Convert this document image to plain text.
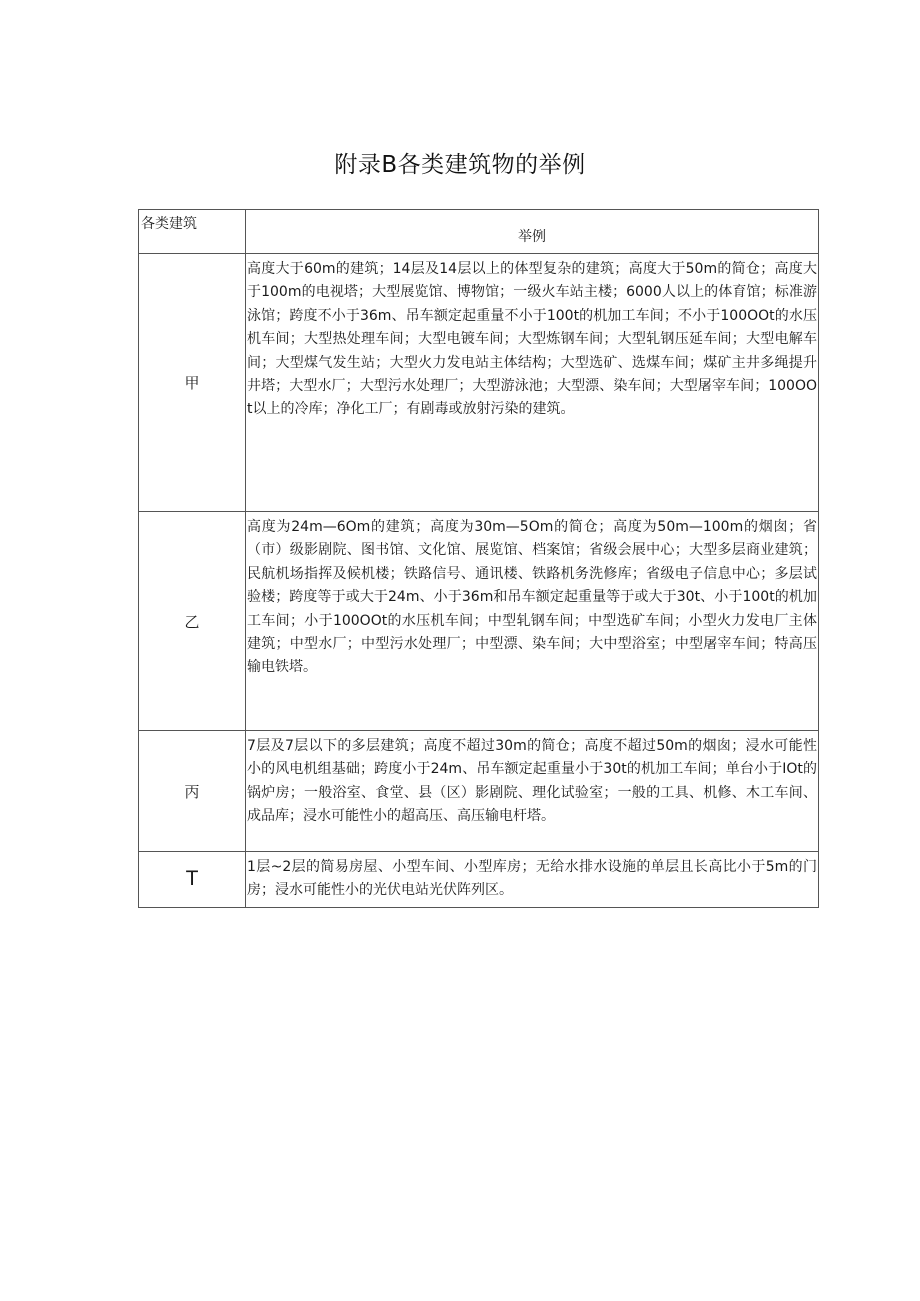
附录B各类建筑物的举例
各类建筑	举例
甲	高度大于60m的建筑；14层及14层以上的体型复杂的建筑；高度大于50m的简仓；高度大于100m的电视塔；大型展览馆、博物馆；一级火车站主楼；6000人以上的体育馆；标准游泳馆；跨度不小于36m、吊车额定起重量不小于100t的机加工车间；不小于100OOt的水压机车间；大型热处理车间；大型电镀车间；大型炼钢车间；大型轧钢压延车间；大型电解车间；大型煤气发生站；大型火力发电站主体结构；大型选矿、选煤车间；煤矿主井多绳提升井塔；大型水厂；大型污水处理厂；大型游泳池；大型漂、染车间；大型屠宰车间；100OOt以上的冷库；净化工厂；有剧毒或放射污染的建筑。
乙	高度为24m—6Om的建筑；高度为30m—5Om的简仓；高度为50m—100m的烟囱；省（市）级影剧院、图书馆、文化馆、展览馆、档案馆；省级会展中心；大型多层商业建筑；民航机场指挥及候机楼；铁路信号、通讯楼、铁路机务洗修库；省级电子信息中心；多层试验楼；跨度等于或大于24m、小于36m和吊车额定起重量等于或大于30t、小于100t的机加工车间；小于100OOt的水压机车间；中型轧钢车间；中型选矿车间；小型火力发电厂主体建筑；中型水厂；中型污水处理厂；中型漂、染车间；大中型浴室；中型屠宰车间；特高压输电铁塔。
丙	7层及7层以下的多层建筑；高度不超过30m的简仓；高度不超过50m的烟囱；浸水可能性小的风电机组基础；跨度小于24m、吊车额定起重量小于30t的机加工车间；单台小于IOt的锅炉房；一般浴室、食堂、县（区）影剧院、理化试验室；一般的工具、机修、木工车间、成品库；浸水可能性小的超高压、高压输电杆塔。
T	1层~2层的简易房屋、小型车间、小型库房；无给水排水设施的单层且长高比小于5m的门房；浸水可能性小的光伏电站光伏阵列区。
